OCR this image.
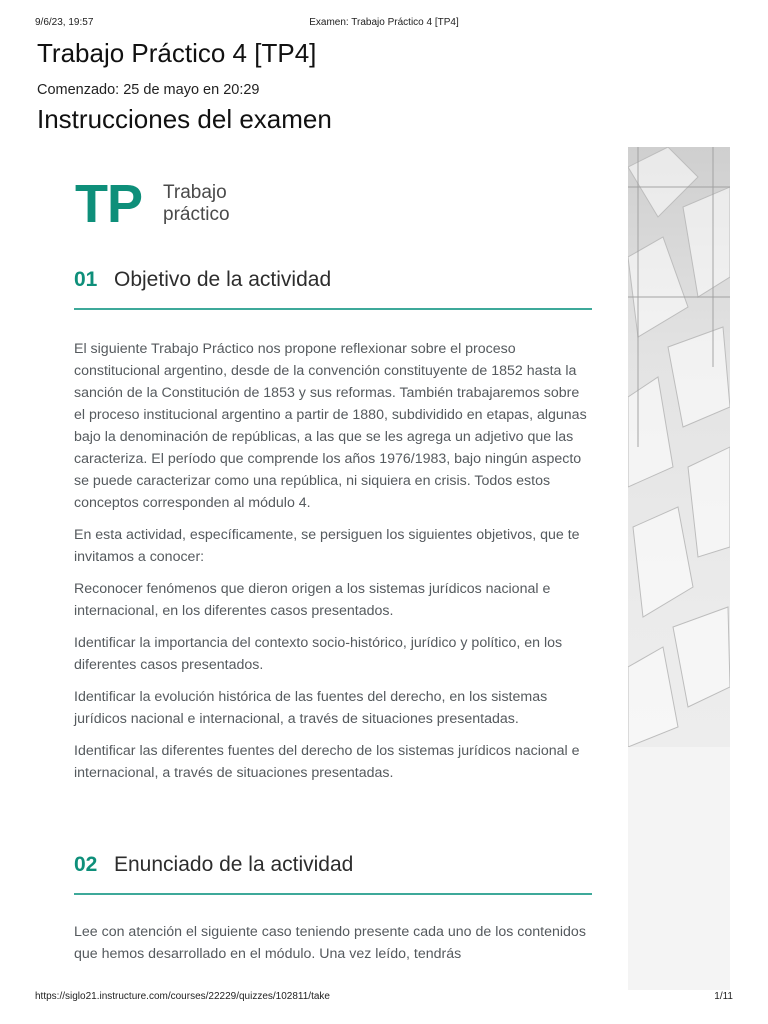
9/6/23, 19:57	Examen: Trabajo Práctico 4 [TP4]
Trabajo Práctico 4 [TP4]
Comenzado: 25 de mayo en 20:29
Instrucciones del examen
TP Trabajo
práctico
01 Objetivo de la actividad

El siguiente Trabajo Práctico nos propone reflexionar sobre el proceso constitucional argentino, desde de la convención constituyente de 1852 hasta la sanción de la Constitución de 1853 y sus reformas. También trabajaremos sobre el proceso institucional argentino a partir de 1880, subdividido en etapas, algunas bajo la denominación de repúblicas, a las que se les agrega un adjetivo que las caracteriza. El período que comprende los años 1976/1983, bajo ningún aspecto se puede caracterizar como una república, ni siquiera en crisis. Todos estos conceptos corresponden al módulo 4.

En esta actividad, específicamente, se persiguen los siguientes objetivos, que te invitamos a conocer:

Reconocer fenómenos que dieron origen a los sistemas jurídicos nacional e internacional, en los diferentes casos presentados.

Identificar la importancia del contexto socio-histórico, jurídico y político, en los diferentes casos presentados.

Identificar la evolución histórica de las fuentes del derecho, en los sistemas jurídicos nacional e internacional, a través de situaciones presentadas.

Identificar las diferentes fuentes del derecho de los sistemas jurídicos nacional e internacional, a través de situaciones presentadas.

02 Enunciado de la actividad

Lee con atención el siguiente caso teniendo presente cada uno de los contenidos que hemos desarrollado en el módulo. Una vez leído, tendrás

https://siglo21.instructure.com/courses/22229/quizzes/102811/take	1/11
